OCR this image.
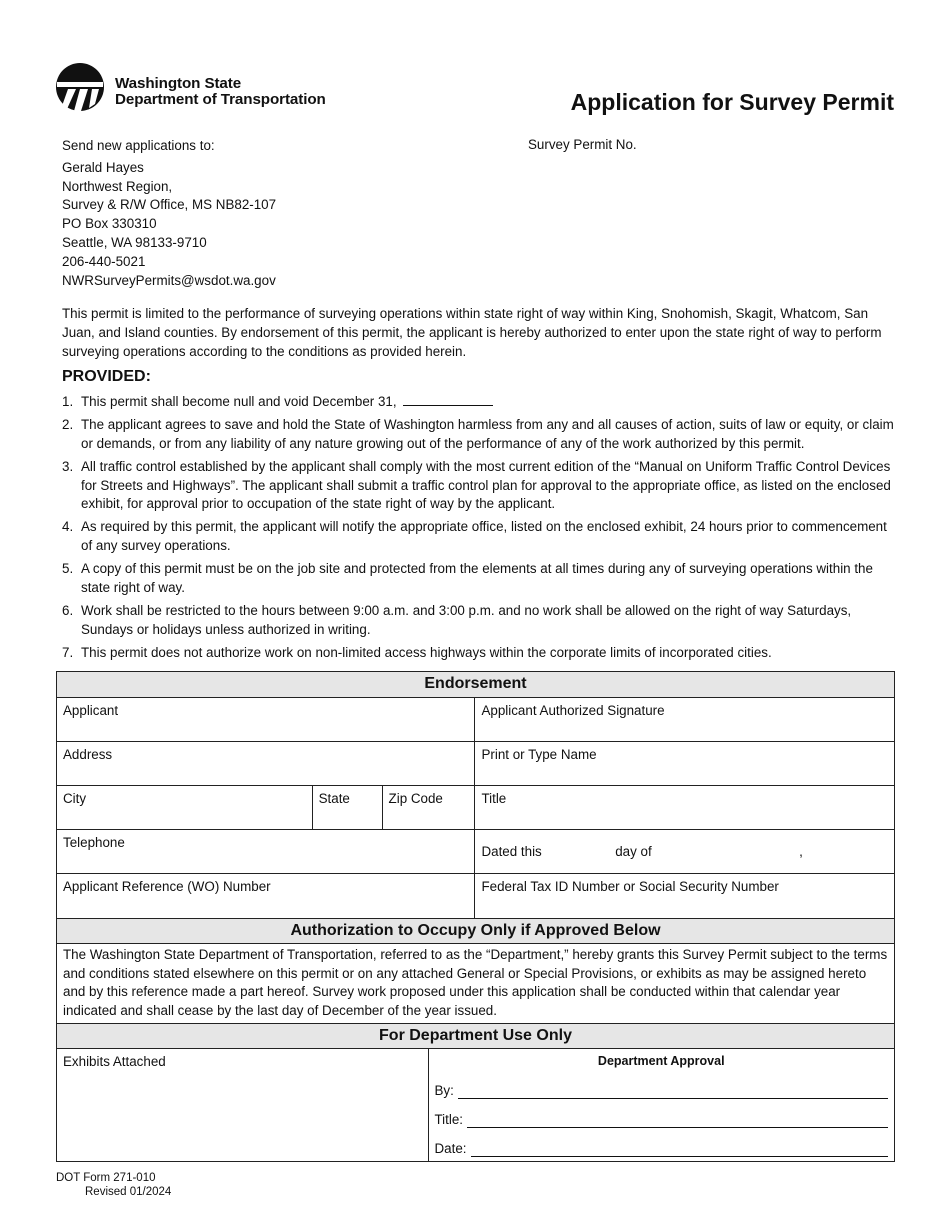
Washington State
Department of Transportation	Application for Survey Permit
Send new applications to:
Gerald Hayes
Northwest Region,
Survey & R/W Office, MS NB82-107
PO Box 330310
Seattle, WA 98133-9710
206-440-5021
NWRSurveyPermits@wsdot.wa.gov
Survey Permit No.

This permit is limited to the performance of surveying operations within state right of way within King, Snohomish, Skagit, Whatcom, San Juan, and Island counties. By endorsement of this permit, the applicant is hereby authorized to enter upon the state right of way to perform surveying operations according to the conditions as provided herein.

PROVIDED:
1. This permit shall become null and void December 31,
2. The applicant agrees to save and hold the State of Washington harmless from any and all causes of action, suits of law or equity, or claim or demands, or from any liability of any nature growing out of the performance of any of the work authorized by this permit.
3. All traffic control established by the applicant shall comply with the most current edition of the “Manual on Uniform Traffic Control Devices for Streets and Highways”. The applicant shall submit a traffic control plan for approval to the appropriate office, as listed on the enclosed exhibit, for approval prior to occupation of the state right of way by the applicant.
4. As required by this permit, the applicant will notify the appropriate office, listed on the enclosed exhibit, 24 hours prior to commencement of any survey operations.
5. A copy of this permit must be on the job site and protected from the elements at all times during any of surveying operations within the state right of way.
6. Work shall be restricted to the hours between 9:00 a.m. and 3:00 p.m. and no work shall be allowed on the right of way Saturdays, Sundays or holidays unless authorized in writing.
7. This permit does not authorize work on non-limited access highways within the corporate limits of incorporated cities.
Endorsement				
Applicant				Applicant Authorized Signature
Address				Print or Type Name
City	State	Zip Code		Title
Telephone				Dated this day of ,
Applicant Reference (WO) Number				Federal Tax ID Number or Social Security Number
Authorization to Occupy Only if Approved Below				
The Washington State Department of Transportation, referred to as the “Department,” hereby grants this Survey Permit subject to the terms and conditions stated elsewhere on this permit or on any attached General or Special Provisions, or exhibits as may be assigned hereto and by this reference made a part hereof. Survey work proposed under this application shall be conducted within that calendar year indicated and shall cease by the last day of December of the year issued.				
For Department Use Only				
Exhibits Attached			Department Approval
By:
Title:
Date:	
DOT Form 271-010
Revised 01/2024
